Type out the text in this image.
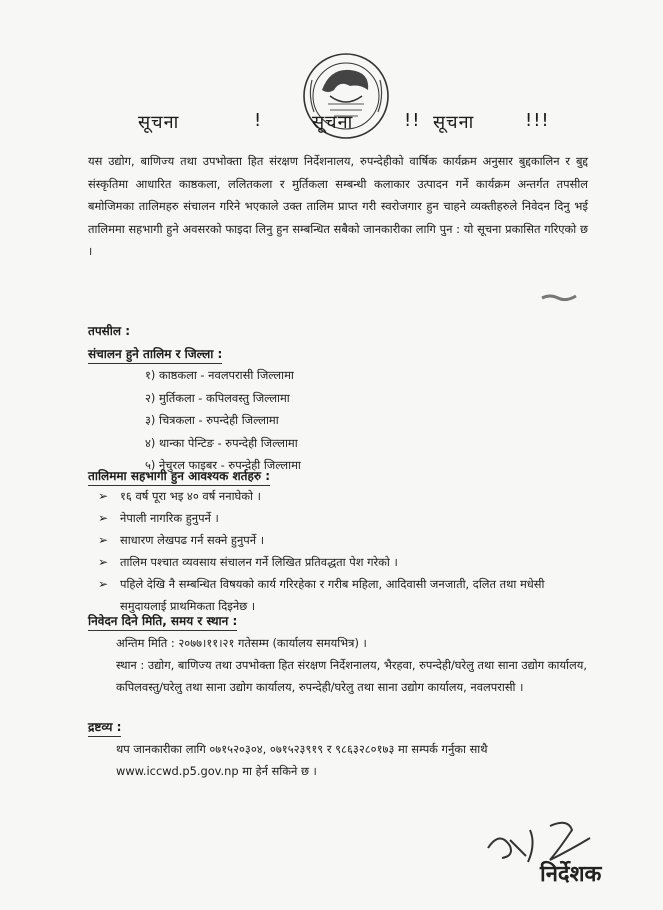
सूचना	!	सूचना	!! सूचना	!!!
यस उद्योग, बाणिज्य तथा उपभोक्ता हित संरक्षण निर्देशनालय, रुपन्देहीको वार्षिक कार्यक्रम अनुसार बुद्दकालिन र बुद्द संस्कृतिमा आधारित काष्ठकला, ललितकला र मुर्तिकला सम्बन्धी कलाकार उत्पादन गर्ने कार्यक्रम अन्तर्गत तपसील बमोजिमका तालिमहरु संचालन गरिने भएकाले उक्त तालिम प्राप्त गरी स्वरोजगार हुन चाहने व्यक्तीहरुले निवेदन दिनु भई तालिममा सहभागी हुने अवसरको फाइदा लिनु हुन सम्बन्धित सबैको जानकारीका लागि पुन : यो सूचना प्रकासित गरिएको छ ।
तपसील :
संचालन हुने तालिम र जिल्ला :
१) काष्ठकला - नवलपरासी जिल्लामा
२) मुर्तिकला - कपिलवस्तु जिल्लामा
३) चित्रकला - रुपन्देही जिल्लामा
४) थान्का पेन्टिङ - रुपन्देही जिल्लामा
५) नेचुरल फाइबर - रुपन्देही जिल्लामा
तालिममा सहभागी हुन आवश्यक शर्तहरु :
➢ १६ वर्ष पूरा भइ ४० वर्ष ननाघेको ।
➢ नेपाली नागरिक हुनुपर्ने ।
➢ साधारण लेखपढ गर्न सक्ने हुनुपर्ने ।
➢ तालिम पश्चात व्यवसाय संचालन गर्ने लिखित प्रतिवद्धता पेश गरेको ।
➢ पहिले देखि नै सम्बन्धित विषयको कार्य गरिरहेका र गरीब महिला, आदिवासी जनजाती, दलित तथा मधेसी समुदायलाई प्राथमिकता दिइनेछ ।
निवेदन दिने मिति, समय र स्थान :
अन्तिम मिति : २०७७।११।२१ गतेसम्म (कार्यालय समयभित्र) ।
स्थान : उद्योग, बाणिज्य तथा उपभोक्ता हित संरक्षण निर्देशनालय, भैरहवा, रुपन्देही/घरेलु तथा साना उद्योग कार्यालय, कपिलवस्तु/घरेलु तथा साना उद्योग कार्यालय, रुपन्देही/घरेलु तथा साना उद्योग कार्यालय, नवलपरासी ।
द्रष्टव्य :
थप जानकारीका लागि ०७१५२०३०४, ०७१५२३९१९ र ९८६३२८०१७३ मा सम्पर्क गर्नुका साथै www.iccwd.p5.gov.np मा हेर्न सकिने छ ।
निर्देशक
